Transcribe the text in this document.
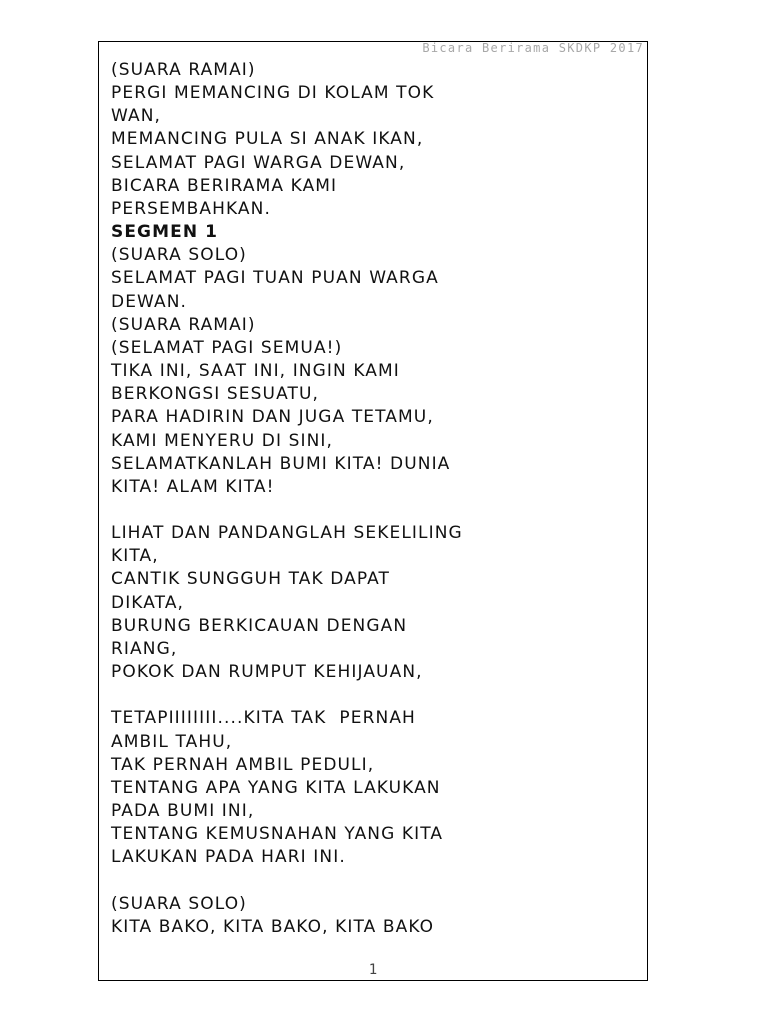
Bicara Berirama SKDKP 2017
(SUARA RAMAI)
PERGI MEMANCING DI KOLAM TOK
WAN,
MEMANCING PULA SI ANAK IKAN,
SELAMAT PAGI WARGA DEWAN,
BICARA BERIRAMA KAMI
PERSEMBAHKAN.
SEGMEN 1
(SUARA SOLO)
SELAMAT PAGI TUAN PUAN WARGA
DEWAN.
(SUARA RAMAI)
(SELAMAT PAGI SEMUA!)
TIKA INI, SAAT INI, INGIN KAMI
BERKONGSI SESUATU,
PARA HADIRIN DAN JUGA TETAMU,
KAMI MENYERU DI SINI,
SELAMATKANLAH BUMI KITA! DUNIA
KITA! ALAM KITA!
LIHAT DAN PANDANGLAH SEKELILING
KITA,
CANTIK SUNGGUH TAK DAPAT
DIKATA,
BURUNG BERKICAUAN DENGAN
RIANG,
POKOK DAN RUMPUT KEHIJAUAN,
TETAPIIIIIIII....KITA TAK  PERNAH
AMBIL TAHU,
TAK PERNAH AMBIL PEDULI,
TENTANG APA YANG KITA LAKUKAN
PADA BUMI INI,
TENTANG KEMUSNAHAN YANG KITA
LAKUKAN PADA HARI INI.
(SUARA SOLO)
KITA BAKO, KITA BAKO, KITA BAKO
1
